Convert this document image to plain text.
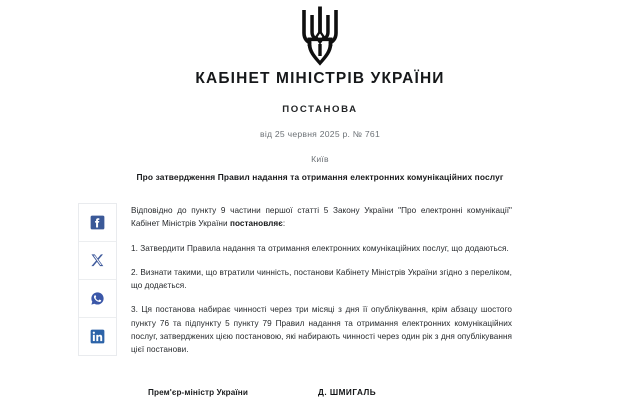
КАБІНЕТ МІНІСТРІВ УКРАЇНИ
ПОСТАНОВА
від 25 червня 2025 р. № 761
Київ
Про затвердження Правил надання та отримання електронних комунікаційних послуг

Відповідно до пункту 9 частини першої статті 5 Закону України "Про електронні комунікації" Кабінет Міністрів України постановляє:

1. Затвердити Правила надання та отримання електронних комунікаційних послуг, що додаються.

2. Визнати такими, що втратили чинність, постанови Кабінету Міністрів України згідно з переліком, що додається.

3. Ця постанова набирає чинності через три місяці з дня її опублікування, крім абзацу шостого пункту 76 та підпункту 5 пункту 79 Правил надання та отримання електронних комунікаційних послуг, затверджених цією постановою, які набирають чинності через один рік з дня опублікування цієї постанови.

Прем'єр-міністр України	Д. ШМИГАЛЬ
